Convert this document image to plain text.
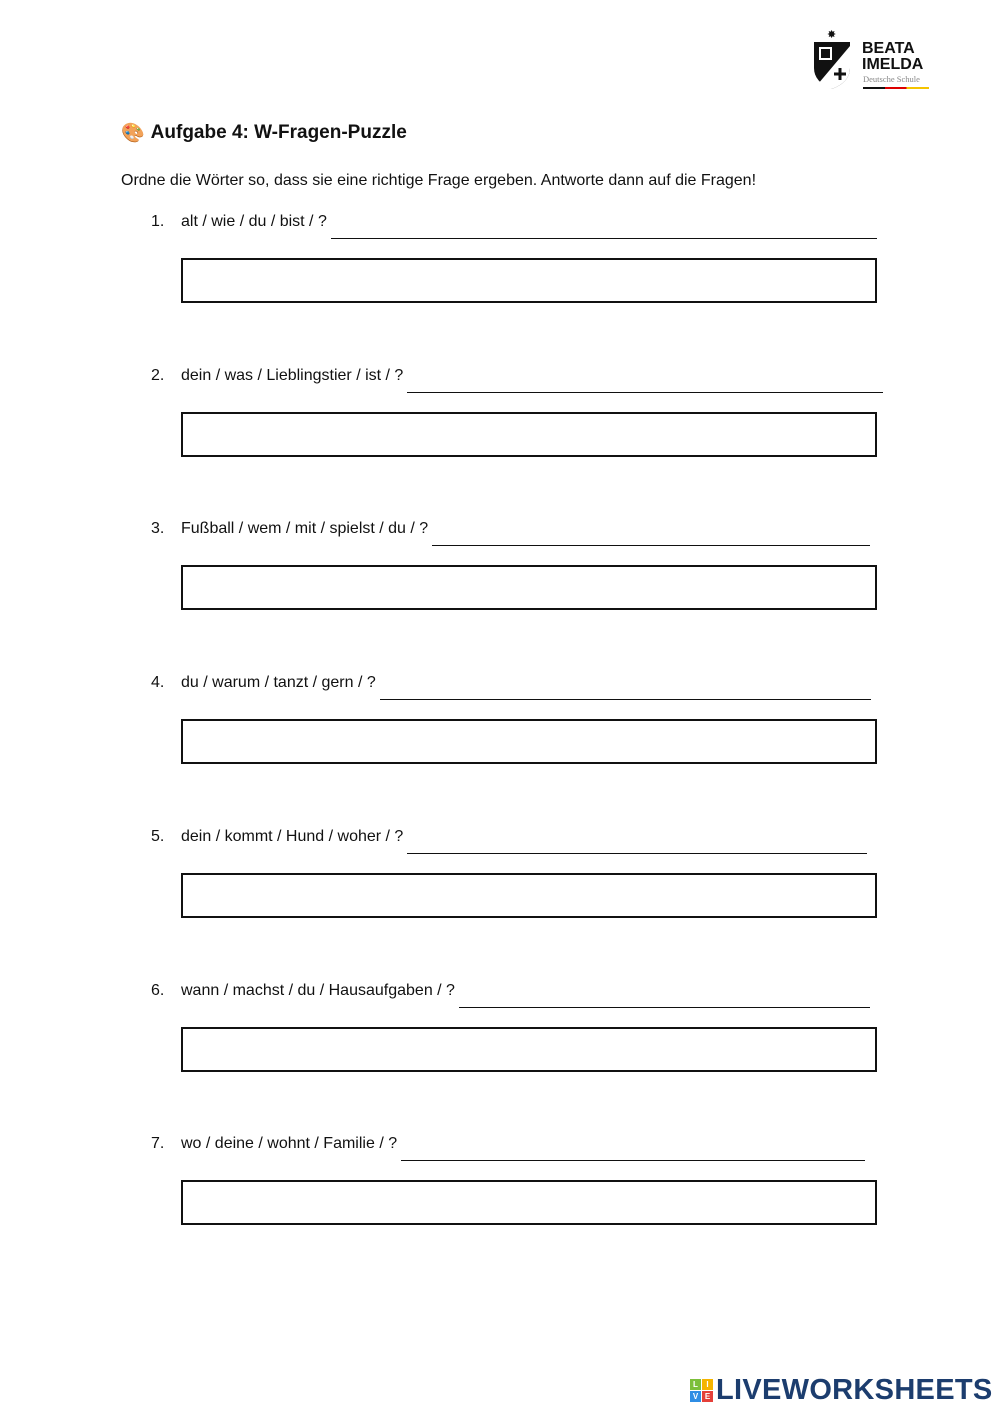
✸
BEATA
IMELDA
Deutsche Schule
🎨 Aufgabe 4: W-Fragen-Puzzle
Ordne die Wörter so, dass sie eine richtige Frage ergeben. Antworte dann auf die Fragen!
1. alt / wie / du / bist / ?
2. dein / was / Lieblingstier / ist / ?
3. Fußball / wem / mit / spielst / du / ?
4. du / warum / tanzt / gern / ?
5. dein / kommt / Hund / woher / ?
6. wann / machst / du / Hausaufgaben / ?
7. wo / deine / wohnt / Familie / ?
L	I
V E LIVEWORKSHEETS
